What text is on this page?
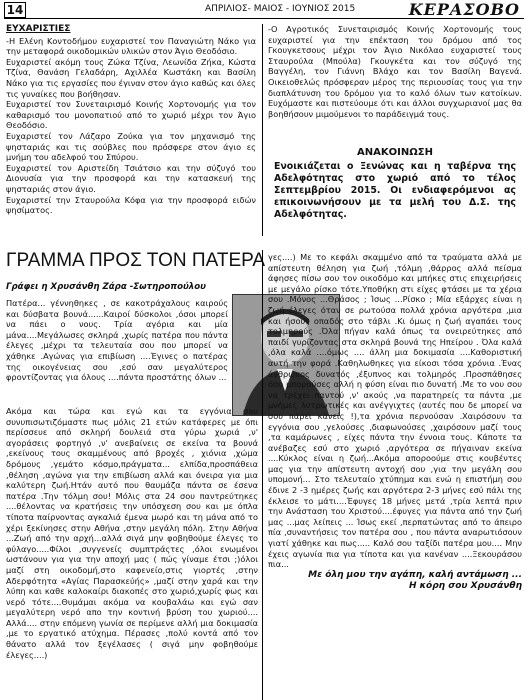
14	ΑΠΡΙΛΙΟΣ- ΜΑΙΟΣ - ΙΟΥΝΙΟΣ 2015	ΚΕΡΑΣΟΒΟ
ΕΥΧΑΡΙΣΤΙΕΣ

-Η Ελένη Κοντοδήμου ευχαριστεί τον Παναγιώτη Νάκο για την μεταφορά οικοδομικών υλικών στον Άγιο Θεοδόσιο.

Ευχαριστεί ακόμη τους Ζώκα Τζίνα, Λεωνίδα Ζήκα, Κώστα Τζίνα, Θανάση Γελαδάρη, Αχιλλέα Κωστάκη και Βασίλη Νάκο για τις εργασίες που έγιναν στον άγιο καθώς και όλες τις γυναίκες που βοήθησαν.

Ευχαριστεί τον Συνεταιρισμό Κοινής Χορτονομής για τον καθαρισμό του μονοπατιού από το χωριό μέχρι τον Άγιο Θεοδόσιο.

Ευχαριστεί τον Λάζαρο Ζούκα για τον μηχανισμό της ψησταριάς και τις σούβλες που πρόσφερε στον άγιο ες μνήμη του αδελφού του Σπύρου.

Ευχαριστεί τον Αριστείδη Τσιάτσιο και την σύζυγό του Διονυσία για την προσφορά και την κατασκευή της ψησταριάς στον άγιο.

Ευχαριστεί την Σταυρούλα Κόφα για την προσφορά ειδών ψησίματος.

-Ο Αγροτικός Συνεταιρισμός Κοινής Χορτονομής τους ευχαριστεί για την επέκταση του δρόμου από τος Γκουγκετσους μέχρι τον Άγιο Νικόλαο ευχαριστεί τους Σταυρούλα (Μπούλα) Γκουγκέτα και τον σύζυγό της Βαγγέλη, τον Γιάννη Βλάχο και τον Βασίλη Βαγενά. Οικειοθελώς πρόσφεραν μέρος της περιουσίας τους για την διαπλάτυνση του δρόμου για το καλό όλων των κατοίκων. Ευχόμαστε και πιστεύουμε ότι και άλλοι συγχωριανοί μας θα βοηθήσουν μιμούμενοι το παράδειγμά τους.

ΑΝΑΚΟΙΝΩΣΗ
Ενοικιάζεται ο Ξενώνας και η ταβέρνα της Αδελφότητας στο χωριό από το τέλος Σεπτεμβρίου 2015. Οι ενδιαφερόμενοι ας επικοινωνήσουν με τα μελή του Δ.Σ. της Αδελφότητας.
ΓΡΑΜΜΑ ΠΡΟΣ ΤΟΝ ΠΑΤΕΡΑ
Γράφει η Χρυσάνθη Ζάρα -Σωτηροπούλου

Πατέρα... γέννηθηκες , σε κακοτράχαλους καιρούς και δύσβατα βουνά......Καιροί δύσκολοι ,όσοι μπορεί να πάει ο νους. Τρία αγόρια και μία μάνα....Μεγάλωσες σκληρά ,χωρίς πατέρα που πάντα έλεγες ,μέχρι τα τελευταία σου που μπορεί να χάθηκε .Αγώνας για επιβίωση ....Έγινες ο πατέρας της οικογένειας σου ,εσύ σαν μεγαλύτερος φροντίζοντας για όλους ....πάντα προστάτης όλων ...

Ακόμα και τώρα και εγώ και τα εγγόνια σου συνυπισωτιζόμαστε πως μόλις 21 ετών κατάφερες με όπι περίσσευε από σκληρή δουλειά στα γύρω χωριά ,ν' αγοράσεις φορτηγό ,ν' ανεβαίνεις σε εκείνα τα βουνά ,εκείνους τους σκαμμένους από βροχές , χιόνια ,χώμα δρόμους ,γεμάτο κόσμο,πράγματα... ελπίδα,προσπάθεια ,θέληση ,αγώνα για την επιβίωση αλλά και όνειρα για μια καλύτερη ζωή.Ητάν αυτό που θαυμάζα πάντα σε έσενα πατέρα .Την τόλμη σου! Μόλις στα 24 σου παντρεύτηκες ....θέλοντας να κρατήσεις την υπόσχεση σου και με όπλα τίποτα παίρνοντας αγκαλιά έμενα μωρό και τη μάνα από το χέρι ξεκίνησες στην Αθήνα ,στην μεγάλη πόλη. Στην Αθήνα ...Ζωή από την αρχή...αλλά σιγά μην φοβηθούμε έλεγες το φύλαγο.....Φίλοι ,συγγενείς συμπτράςτες ,όλοι ενωμένοι ωστάνουν για για την αποχή μας ( πώς γίναμε έτσι ;)όλοι μαζί στη οικοδομή,στο καφενείο,στις γιορτές ,στην Αδερφότητα «Αγίας Παρασκεύής» ,μαζί στην χαρά και την λύπη και καθε καλοκαίρι διακοπές στο χωριό,χωρίς φως και νερό τότε....Θυμάμαι ακόμα να κουβαλάω και εγώ σαν μεγαλύτερη νερό απο την κοντινή βρύση του χωριού.... Αλλά.... στην επόμενη γωνία σε περίμενε αλλή μια δοκιμασία ,με το εργατικό ατύχημα. Πέρασες ,πολύ κοντά από τον θάνατο αλλά τον ξεγέλασες ( σιγά μην φοβηθούμε έλεγες....)

γες....) Με το κεφάλι σκαμμένο από τα τραύματα αλλά με απίστευτη θέληση για ζωή ,τόλμη ,θάρρος αλλά πείσμα άφησες πίσω σου τον οικοδόμο και μπήκες στις επιχειρήσεις με μεγάλο ρίσκο τότε.Υποθήκη στι είχες φτάσει με τα χέρια σου .Μόνος ...Θράσος ; Ίσως ...Ρίσκο ; Μία εξάρχες είναι η ζωή έλεγες όταν σε ρωτούσα πολλά χρόνια αργότερα ,μια και ήσουν οπαδός στο τάβλι .Κι όμως η ζωή αγαπάει τους τολμηρούς .Όλα πήγαν καλά όπως τα ονειρεύτηκες από παιδί γυρίζοντας στα σκληρά βουνά της Ηπείρου . Όλα καλά ,όλα καλά ....όμως .... άλλη μια δοκιμασία ....Καθοριστική αυτή την φορά .Καθηλωθηκες για είκοσι τόσα χρόνια .Ένας άνθρωπος δυνατός ,έξυπνος και τολμηρός .Προσπάθησες όσο μπορούσες αλλή η φύση είναι πιο δυνατή .Με το νου σου να τρέχει παντού ,ν' ακούς ,να παρατηρείς τα πάντα ,με μνήμες λυτρωτικές και ανέγγιχτες (αυτές που δε μπορεί να σου πάρει κανείς !),τα χρόνια περνούσαν .Χαιρόσουν τα εγγόνια σου ,γελούσες ,διαφωνούσες ,χαιρόσουν μαζί τους ,τα καμάρωνες , είχες πάντα την έννοια τους. Κάποτε τα ανέβαζες εσύ στο χωριό ,αργότερα σε πήγαιναν εκείνα ....Κύκλος είναι η ζωή...Ακόμα αποροούμε στις κουβέντες μας για την απίστευτη αντοχή σου ,για την μεγάλη σου υπομονή... Στο τελευταίο χτύπημα και ενώ η επιστήμη σου έδινε 2 -3 ημέρες ζωής και αργότερα 2-3 μήνες εσύ πάλι της έκλεισε το μάτι....Έφυγες 18 μήνες μετά ,τρία λεπτά πριν την Ανάσταση του Χριστού....έφυγες για πάντα από την ζωή μας ...μας λείπεις ... Ίσως εκεί ,περπατώντας από το άπειρο πία ,συναντήσεις τον πατέρα σου , που πάντα αναρωτιόσουν γιατί χάθηκε και πως..... Καλό σου ταξίδι πατέρα μου.... Μην έχεις αγωνία πια για τίποτα και για κανέναν ....Ξεκουράσου πια...

Με όλη μου την αγάπη, καλή αντάμωση ...
Η κόρη σου Χρυσάνθη
